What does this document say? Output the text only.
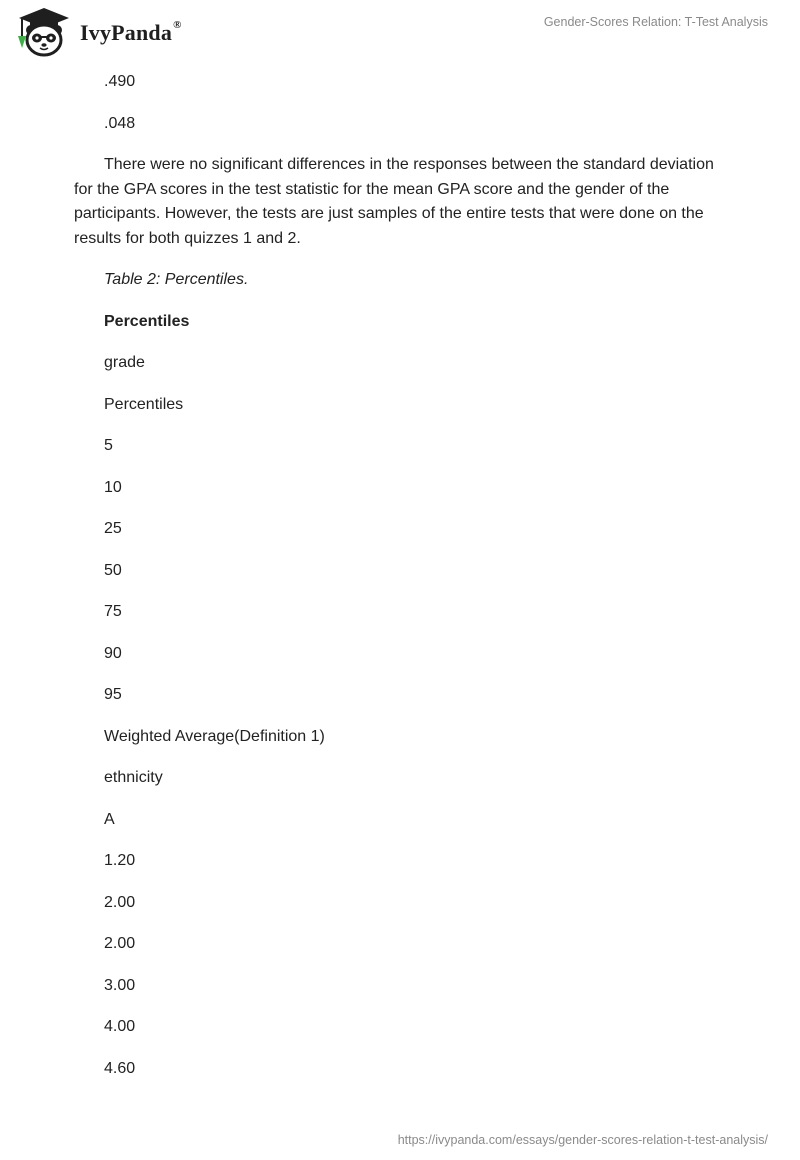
IvyPanda®	Gender-Scores Relation: T-Test Analysis
.490
.048
There were no significant differences in the responses between the standard deviation for the GPA scores in the test statistic for the mean GPA score and the gender of the participants. However, the tests are just samples of the entire tests that were done on the results for both quizzes 1 and 2.
Table 2: Percentiles.
Percentiles
grade
Percentiles
5
10
25
50
75
90
95
Weighted Average(Definition 1)
ethnicity
A
1.20
2.00
2.00
3.00
4.00
4.60
https://ivypanda.com/essays/gender-scores-relation-t-test-analysis/
